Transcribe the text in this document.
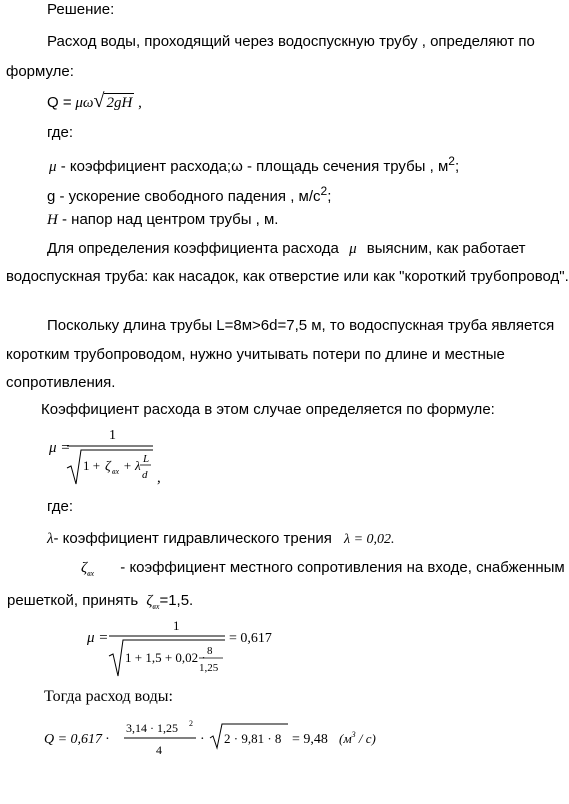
Решение:
Расход воды, проходящий через водоспускную трубу , определяют по
формуле:
Q = μω√ 2gH ,
где:
μ - коэффициент расхода;ω - площадь сечения трубы , $м^2$;
g - ускорение свободного падения , $м/с^2$;
H - напор над центром трубы , м.
Для определения коэффициента расхода μ выясним, как работает
водоспускная труба: как насадок, как отверстие или как "короткий трубопровод".
Поскольку длина трубы L=8м>6d=7,5 м, то водоспускная труба является
коротким трубопроводом, нужно учитывать потери по длине и местные
сопротивления.
Коэффициент расхода в этом случае определяется по формуле:
μ =
1
1 + ζ вх + λ L
d ,
где:
λ- коэффициент гидравлического трения λ = 0,02.
$\zeta_{вх}$ - коэффициент местного сопротивления на входе, снабженным
решеткой, принять $\zeta_{вх}=1,5$.
μ =
1
1 + 1,5 + 0,02 · 8
1,25
= 0,617
Тогда расход воды:
Q = 0,617 ·
3,14 · 1,25 2
4
· 2 · 9,81 · 8 = 9,48 $(м^3 / с)$
